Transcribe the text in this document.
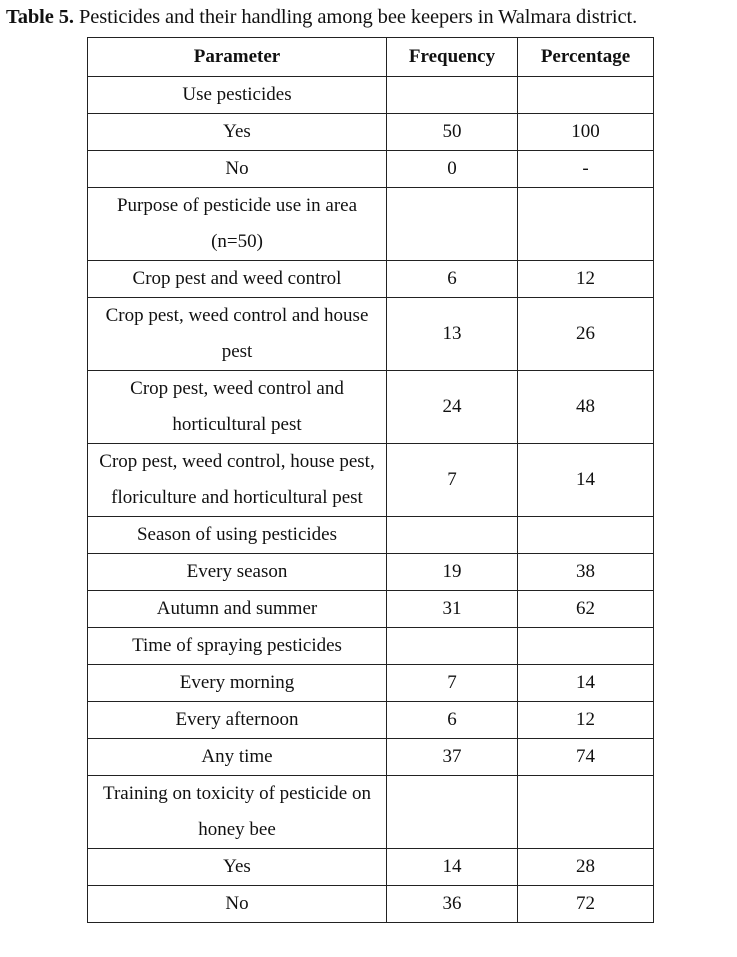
Table 5. Pesticides and their handling among bee keepers in Walmara district.
Parameter	Frequency	Percentage
Use pesticides		
Yes	50	100
No	0	-
Purpose of pesticide use in area (n=50)		
Crop pest and weed control	6	12
Crop pest, weed control and house pest	13	26
Crop pest, weed control and horticultural pest	24	48
Crop pest, weed control, house pest, floriculture and horticultural pest	7	14
Season of using pesticides		
Every season	19	38
Autumn and summer	31	62
Time of spraying pesticides		
Every morning	7	14
Every afternoon	6	12
Any time	37	74
Training on toxicity of pesticide on honey bee		
Yes	14	28
No	36	72
